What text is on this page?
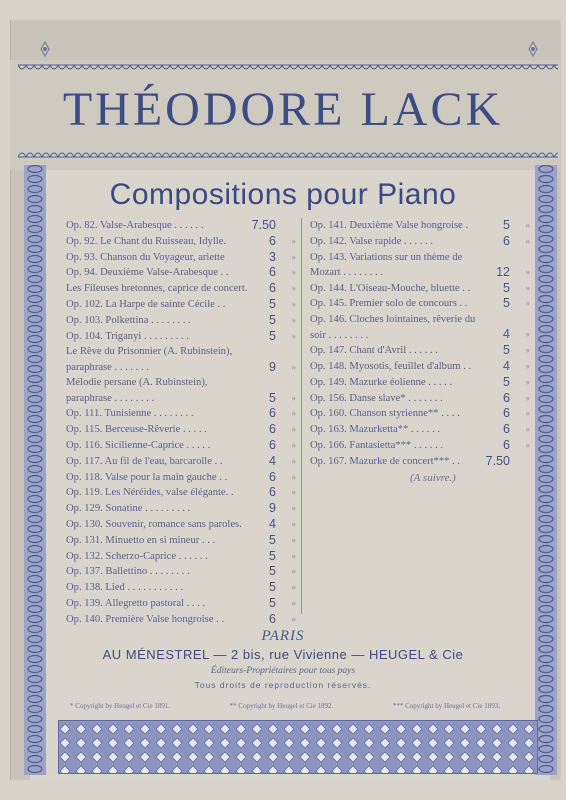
THÉODORE LACK
Compositions pour Piano
Op. 82. Valse-Arabesque . . . . . .	7.50
Op. 92. Le Chant du Ruisseau, Idylle.	6	»
Op. 93. Chanson du Voyageur, ariette	3	»
Op. 94. Deuxième Valse-Arabesque . .	6	»
Les Fileuses bretonnes, caprice de concert.	6	»
Op. 102. La Harpe de sainte Cécile . .	5	»
Op. 103. Polkettina . . . . . . . .	5	»
Op. 104. Triganyi . . . . . . . . .	5	»
Le Rêve du Prisonnier (A. Rubinstein), paraphrase . . . . . . .	9	»
Mélodie persane (A. Rubinstein), paraphrase . . . . . . . .	5	»
Op. 111. Tunisienne . . . . . . . .	6	»
Op. 115. Berceuse-Rêverie . . . . .	6	»
Op. 116. Sicilienne-Caprice . . . . .	6	»
Op. 117. Au fil de l'eau, barcarolle . .	4	»
Op. 118. Valse pour la main gauche . .	6	»
Op. 119. Les Néréides, valse élégante. .	6	»
Op. 129. Sonatine . . . . . . . . .	9	»
Op. 130. Souvenir, romance sans paroles.	4	»
Op. 131. Minuetto en si mineur . . .	5	»
Op. 132. Scherzo-Caprice . . . . . .	5	»
Op. 137. Ballettino . . . . . . . .	5	»
Op. 138. Lied . . . . . . . . . . .	5	»
Op. 139. Allegretto pastoral . . . .	5	»
Op. 140. Première Valse hongroise . .	6	»
Op. 141. Deuxième Valse hongroise .	5	»
Op. 142. Valse rapide . . . . . .	6	»
Op. 143. Variations sur un thème de Mozart . . . . . . . .	12	»
Op. 144. L'Oiseau-Mouche, bluette . .	5	»
Op. 145. Premier solo de concours . .	5	»
Op. 146. Cloches lointaines, rêverie du soir . . . . . . . .	4	»
Op. 147. Chant d'Avril . . . . . .	5	»
Op. 148. Myosotis, feuillet d'album . .	4	»
Op. 149. Mazurke éolienne . . . . .	5	»
Op. 156. Danse slave* . . . . . . .	6	»
Op. 160. Chanson styrienne** . . . .	6	»
Op. 163. Mazurketta** . . . . . .	6	»
Op. 166. Fantasietta*** . . . . . .	6	»
Op. 167. Mazurke de concert*** . .	7.50
(A suivre.)
PARIS
AU MÉNESTREL — 2 bis, rue Vivienne — HEUGEL & Cie
Éditeurs-Propriétaires pour tous pays
Tous droits de reproduction réservés.
* Copyright by Heugel et Cie 1891.	** Copyright by Heugel et Cie 1892.	*** Copyright by Heugel et Cie 1893.
